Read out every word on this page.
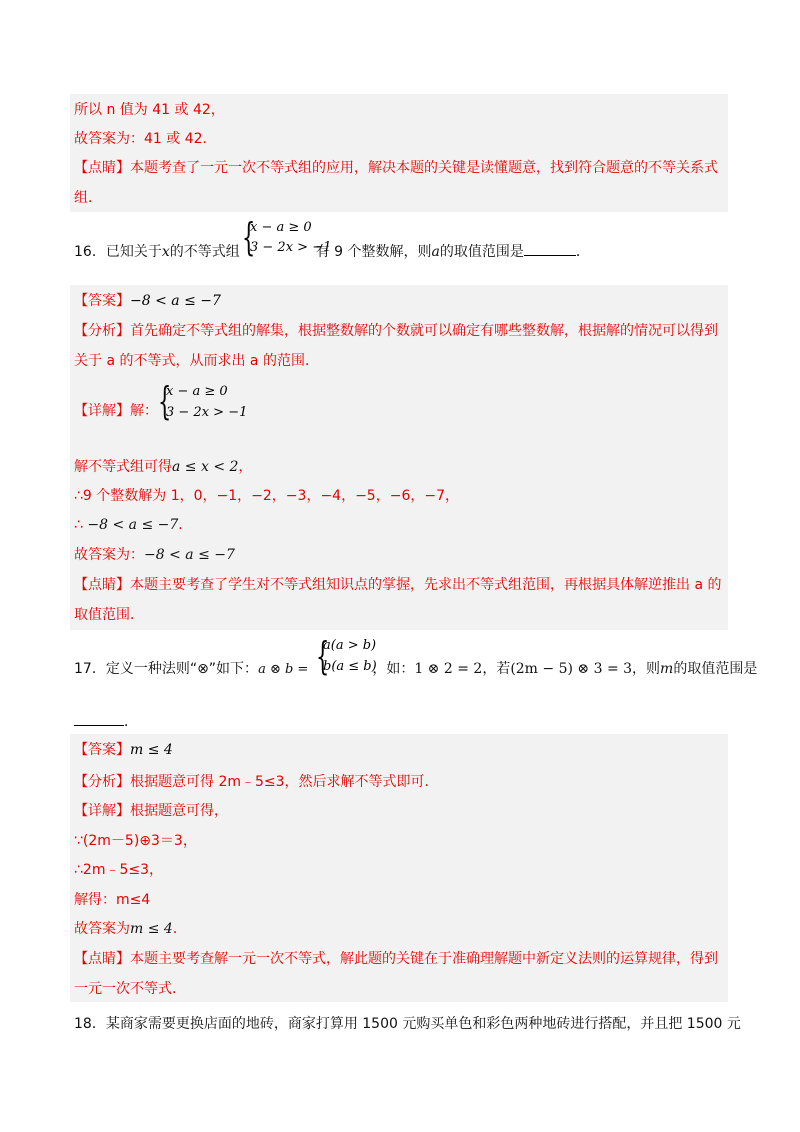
所以 n 值为 41 或 42，
故答案为：41 或 42．
【点睛】本题考查了一元一次不等式组的应用，解决本题的关键是读懂题意，找到符合题意的不等关系式
组．
16．已知关于x的不等式组	有 9 个整数解，则a的取值范围是	．
{
x − a ≥ 0
3 − 2x > −1
【答案】−8 < a ≤ −7
【分析】首先确定不等式组的解集，根据整数解的个数就可以确定有哪些整数解，根据解的情况可以得到
关于 a 的不等式，从而求出 a 的范围．
【详解】解： {
x − a ≥ 0
3 − 2x > −1
解不等式组可得a ≤ x < 2，
∴9 个整数解为 1，0，−1，−2，−3，−4，−5，−6，−7，
∴ −8 < a ≤ −7．
故答案为：−8 < a ≤ −7
【点睛】本题主要考查了学生对不等式组知识点的掌握，先求出不等式组范围，再根据具体解逆推出 a 的
取值范围．
17．定义一种法则“⊗”如下：a ⊗ b =	，如：1 ⊗ 2 = 2，若(2m − 5) ⊗ 3 = 3，则m的取值范围是
{
a(a > b)
b(a ≤ b)
．
【答案】m ≤ 4
【分析】根据题意可得 2m﹣5≤3，然后求解不等式即可．
【详解】根据题意可得，
∵(2m－5)⊕3＝3，
∴2m﹣5≤3，
解得：m≤4
故答案为m ≤ 4．
【点睛】本题主要考查解一元一次不等式，解此题的关键在于准确理解题中新定义法则的运算规律，得到
一元一次不等式．
18．某商家需要更换店面的地砖，商家打算用 1500 元购买单色和彩色两种地砖进行搭配，并且把 1500 元
